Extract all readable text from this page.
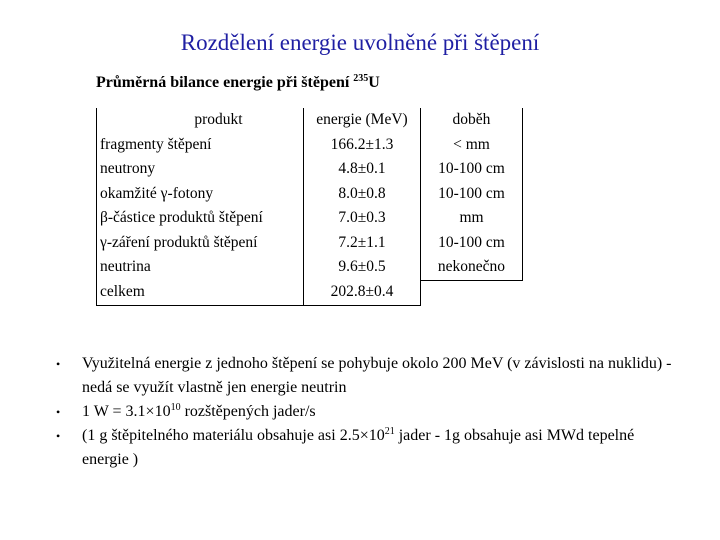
Rozdělení energie uvolněné při štěpení
Průměrná bilance energie při štěpení $^{235}$U
produkt	energie (MeV)	doběh
fragmenty štěpení	166.2±1.3	< mm
neutrony	4.8±0.1	10-100 cm
okamžité γ-fotony	8.0±0.8	10-100 cm
β-částice produktů štěpení	7.0±0.3	mm
γ-záření produktů štěpení	7.2±1.1	10-100 cm
neutrina	9.6±0.5	nekonečno
celkem	202.8±0.4	
• Využitelná energie z jednoho štěpení se pohybuje okolo 200 MeV (v závislosti na nuklidu) - nedá se využít vlastně jen energie neutrin
• 1 $W = 3.1\times 10^{10}$ rozštěpených jader/s
• (1 g štěpitelného materiálu obsahuje asi $2.5\times 10^{21}$ jader - 1g obsahuje asi MWd tepelné energie )
